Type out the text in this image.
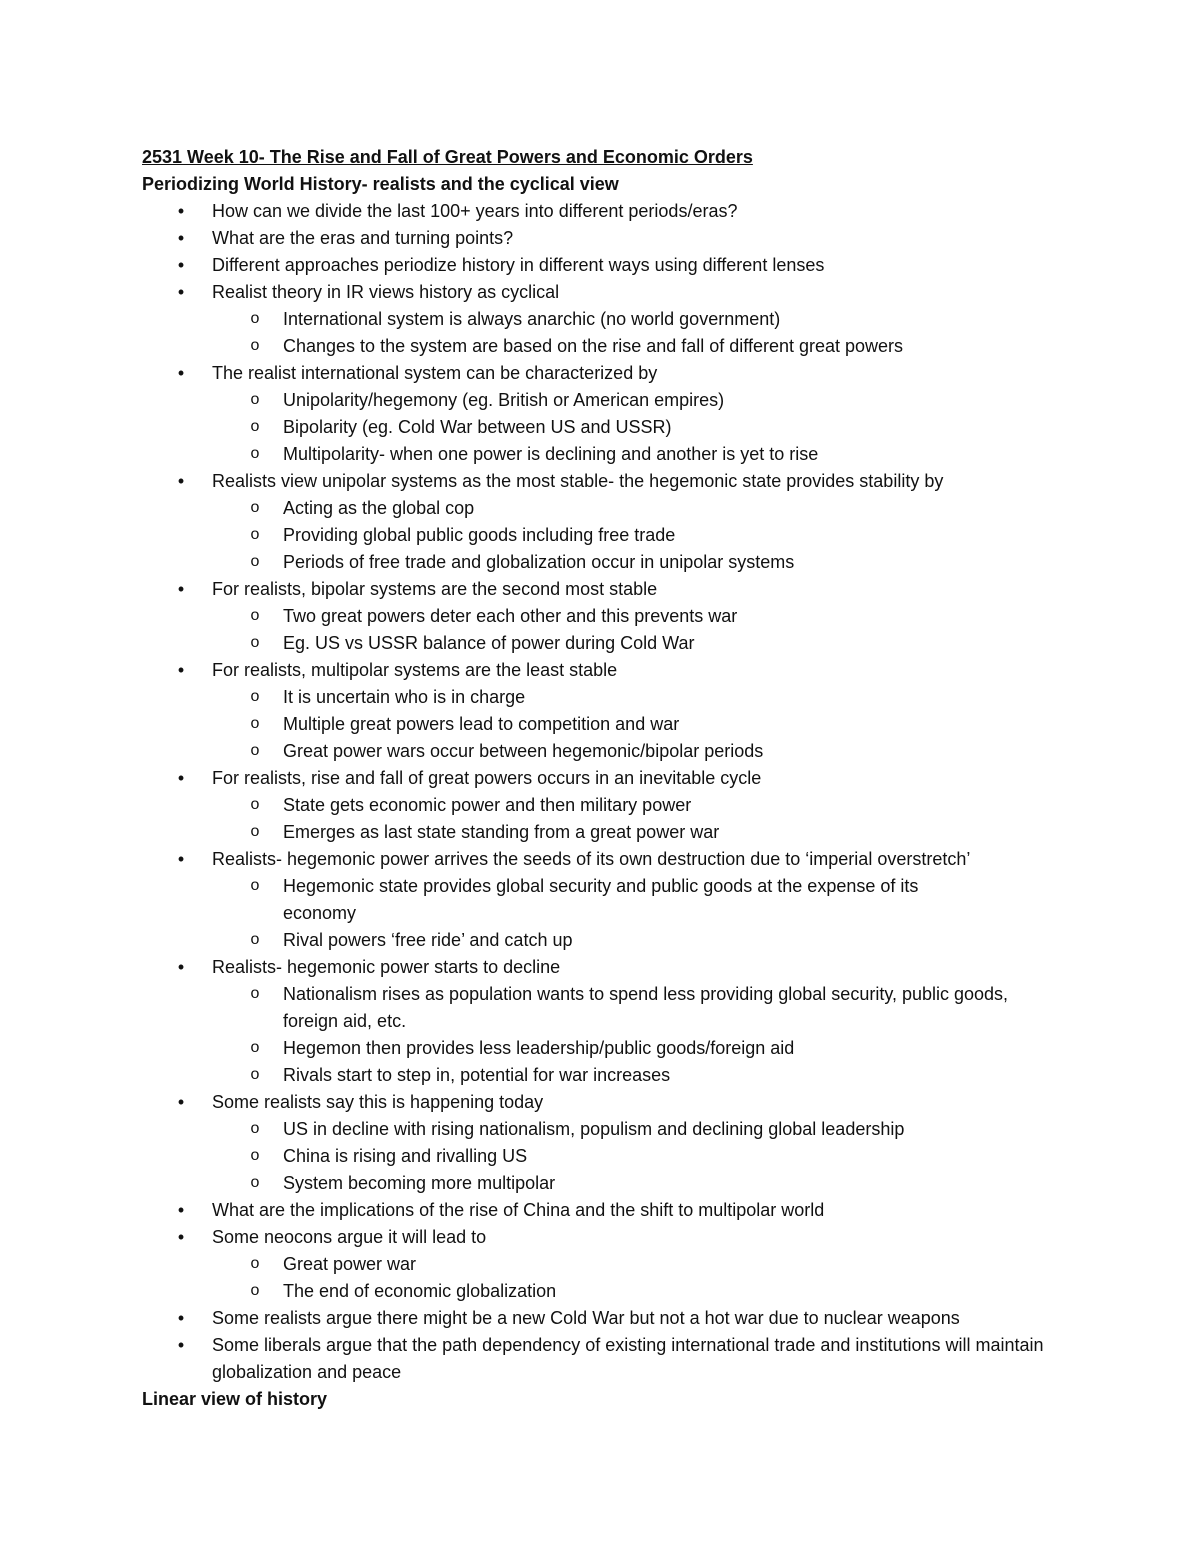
2531 Week 10- The Rise and Fall of Great Powers and Economic Orders
Periodizing World History- realists and the cyclical view
• How can we divide the last 100+ years into different periods/eras?
• What are the eras and turning points?
• Different approaches periodize history in different ways using different lenses
• Realist theory in IR views history as cyclical
o International system is always anarchic (no world government)
o Changes to the system are based on the rise and fall of different great powers
• The realist international system can be characterized by
o Unipolarity/hegemony (eg. British or American empires)
o Bipolarity (eg. Cold War between US and USSR)
o Multipolarity- when one power is declining and another is yet to rise
• Realists view unipolar systems as the most stable- the hegemonic state provides stability by
o Acting as the global cop
o Providing global public goods including free trade
o Periods of free trade and globalization occur in unipolar systems
• For realists, bipolar systems are the second most stable
o Two great powers deter each other and this prevents war
o Eg. US vs USSR balance of power during Cold War
• For realists, multipolar systems are the least stable
o It is uncertain who is in charge
o Multiple great powers lead to competition and war
o Great power wars occur between hegemonic/bipolar periods
• For realists, rise and fall of great powers occurs in an inevitable cycle
o State gets economic power and then military power
o Emerges as last state standing from a great power war
• Realists- hegemonic power arrives the seeds of its own destruction due to ‘imperial overstretch’
o Hegemonic state provides global security and public goods at the expense of its economy
o Rival powers ‘free ride’ and catch up
• Realists- hegemonic power starts to decline
o Nationalism rises as population wants to spend less providing global security, public goods, foreign aid, etc.
o Hegemon then provides less leadership/public goods/foreign aid
o Rivals start to step in, potential for war increases
• Some realists say this is happening today
o US in decline with rising nationalism, populism and declining global leadership
o China is rising and rivalling US
o System becoming more multipolar
• What are the implications of the rise of China and the shift to multipolar world
• Some neocons argue it will lead to
o Great power war
o The end of economic globalization
• Some realists argue there might be a new Cold War but not a hot war due to nuclear weapons
• Some liberals argue that the path dependency of existing international trade and institutions will maintain globalization and peace
Linear view of history
